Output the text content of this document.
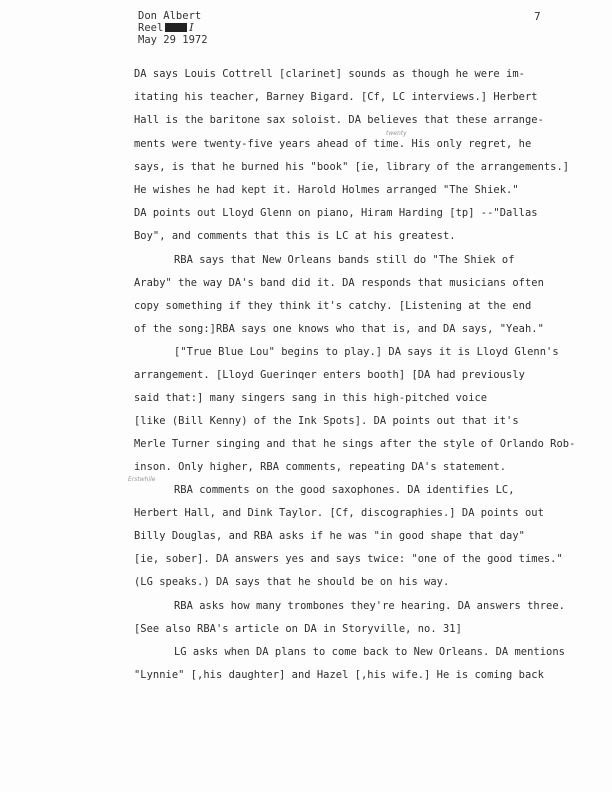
Don Albert
Reel I
May 29 1972
7
DA says Louis Cottrell [clarinet] sounds as though he were im-
itating his teacher, Barney Bigard. [Cf, LC interviews.] Herbert
Hall is the baritone sax soloist. DA believes that these arrange-
ments were twenty-five years ahead of time. His only regret, he
says, is that he burned his "book" [ie, library of the arrangements.]
He wishes he had kept it. Harold Holmes arranged "The Shiek."
DA points out Lloyd Glenn on piano, Hiram Harding [tp] --"Dallas
Boy", and comments that this is LC at his greatest.
RBA says that New Orleans bands still do "The Shiek of
Araby" the way DA's band did it. DA responds that musicians often
copy something if they think it's catchy. [Listening at the end
of the song:]RBA says one knows who that is, and DA says, "Yeah."
["True Blue Lou" begins to play.] DA says it is Lloyd Glenn's
arrangement. [Lloyd Guerinqer enters booth] [DA had previously
said that:] many singers sang in this high-pitched voice
[like (Bill Kenny) of the Ink Spots]. DA points out that it's
Merle Turner singing and that he sings after the style of Orlando Rob-
inson. Only higher, RBA comments, repeating DA's statement.
RBA comments on the good saxophones. DA identifies LC,
Herbert Hall, and Dink Taylor. [Cf, discographies.] DA points out
Billy Douglas, and RBA asks if he was "in good shape that day"
[ie, sober]. DA answers yes and says twice: "one of the good times."
(LG speaks.) DA says that he should be on his way.
RBA asks how many trombones they're hearing. DA answers three.
[See also RBA's article on DA in Storyville, no. 31]
LG asks when DA plans to come back to New Orleans. DA mentions
"Lynnie" [,his daughter] and Hazel [,his wife.] He is coming back
twenty
Erstwhile
